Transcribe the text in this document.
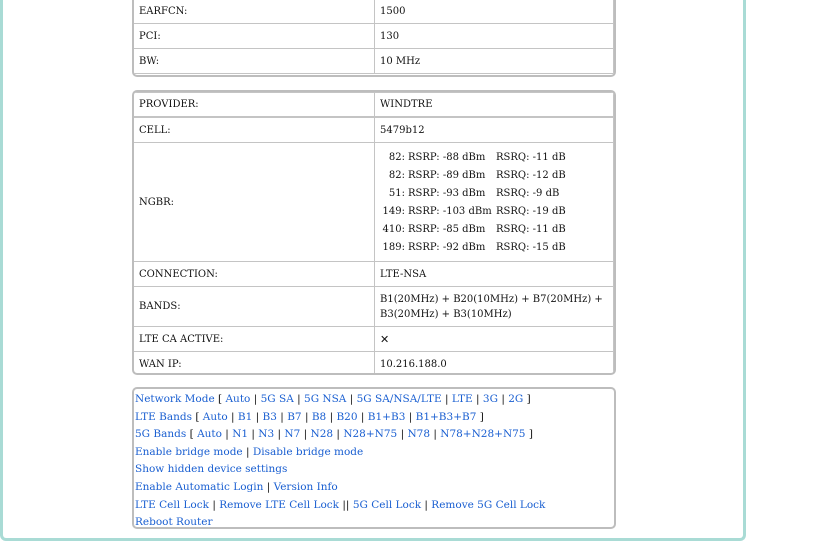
EARFCN:	1500
PCI:	130
BW:	10 MHz
PROVIDER:	WINDTRE
CELL:	5479b12
NGBR:
82: RSRP: -88 dBm	RSRQ: -11 dB
82: RSRP: -89 dBm	RSRQ: -12 dB
51: RSRP: -93 dBm	RSRQ: -9 dB
149: RSRP: -103 dBm RSRQ: -19 dB
410: RSRP: -85 dBm	RSRQ: -11 dB
189: RSRP: -92 dBm	RSRQ: -15 dB
CONNECTION:	LTE-NSA
BANDS:
B1(20MHz) + B20(10MHz) + B7(20MHz) + B3(20MHz) + B3(10MHz)
LTE CA ACTIVE:	✕
WAN IP:	10.216.188.0
Network Mode [ Auto | 5G SA | 5G NSA | 5G SA/NSA/LTE | LTE | 3G | 2G ]
LTE Bands [ Auto | B1 | B3 | B7 | B8 | B20 | B1+B3 | B1+B3+B7 ]
5G Bands [ Auto | N1 | N3 | N7 | N28 | N28+N75 | N78 | N78+N28+N75 ]
Enable bridge mode | Disable bridge mode
Show hidden device settings
Enable Automatic Login | Version Info
LTE Cell Lock | Remove LTE Cell Lock || 5G Cell Lock | Remove 5G Cell Lock
Reboot Router
